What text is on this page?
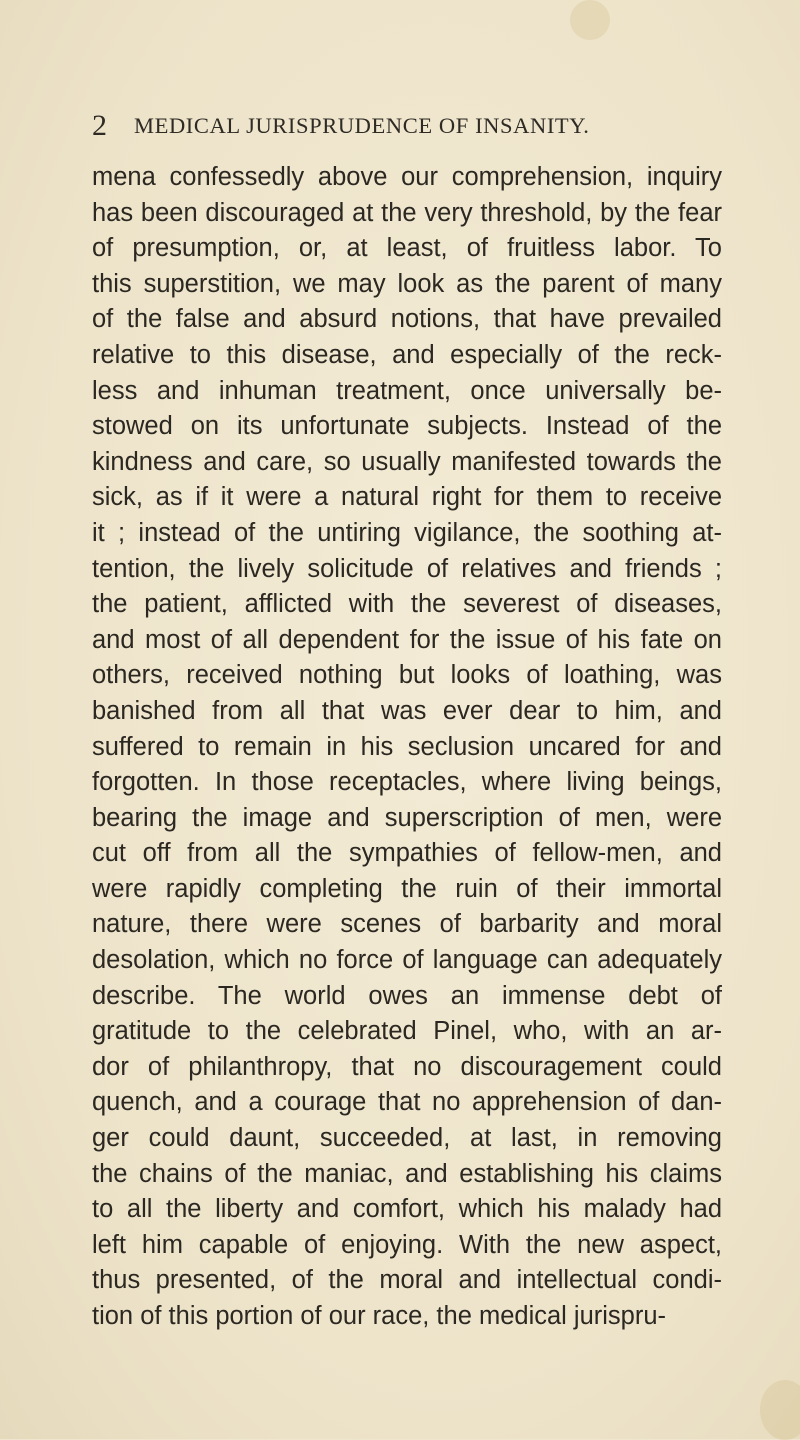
2 MEDICAL JURISPRUDENCE OF INSANITY.
mena confessedly above our comprehension, inquiry
has been discouraged at the very threshold, by the fear
of presumption, or, at least, of fruitless labor. To
this superstition, we may look as the parent of many
of the false and absurd notions, that have prevailed
relative to this disease, and especially of the reck-
less and inhuman treatment, once universally be-
stowed on its unfortunate subjects. Instead of the
kindness and care, so usually manifested towards the
sick, as if it were a natural right for them to receive
it ; instead of the untiring vigilance, the soothing at-
tention, the lively solicitude of relatives and friends ;
the patient, afflicted with the severest of diseases,
and most of all dependent for the issue of his fate on
others, received nothing but looks of loathing, was
banished from all that was ever dear to him, and
suffered to remain in his seclusion uncared for and
forgotten. In those receptacles, where living beings,
bearing the image and superscription of men, were
cut off from all the sympathies of fellow-men, and
were rapidly completing the ruin of their immortal
nature, there were scenes of barbarity and moral
desolation, which no force of language can adequately
describe. The world owes an immense debt of
gratitude to the celebrated Pinel, who, with an ar-
dor of philanthropy, that no discouragement could
quench, and a courage that no apprehension of dan-
ger could daunt, succeeded, at last, in removing
the chains of the maniac, and establishing his claims
to all the liberty and comfort, which his malady had
left him capable of enjoying. With the new aspect,
thus presented, of the moral and intellectual condi-
tion of this portion of our race, the medical jurispru-
